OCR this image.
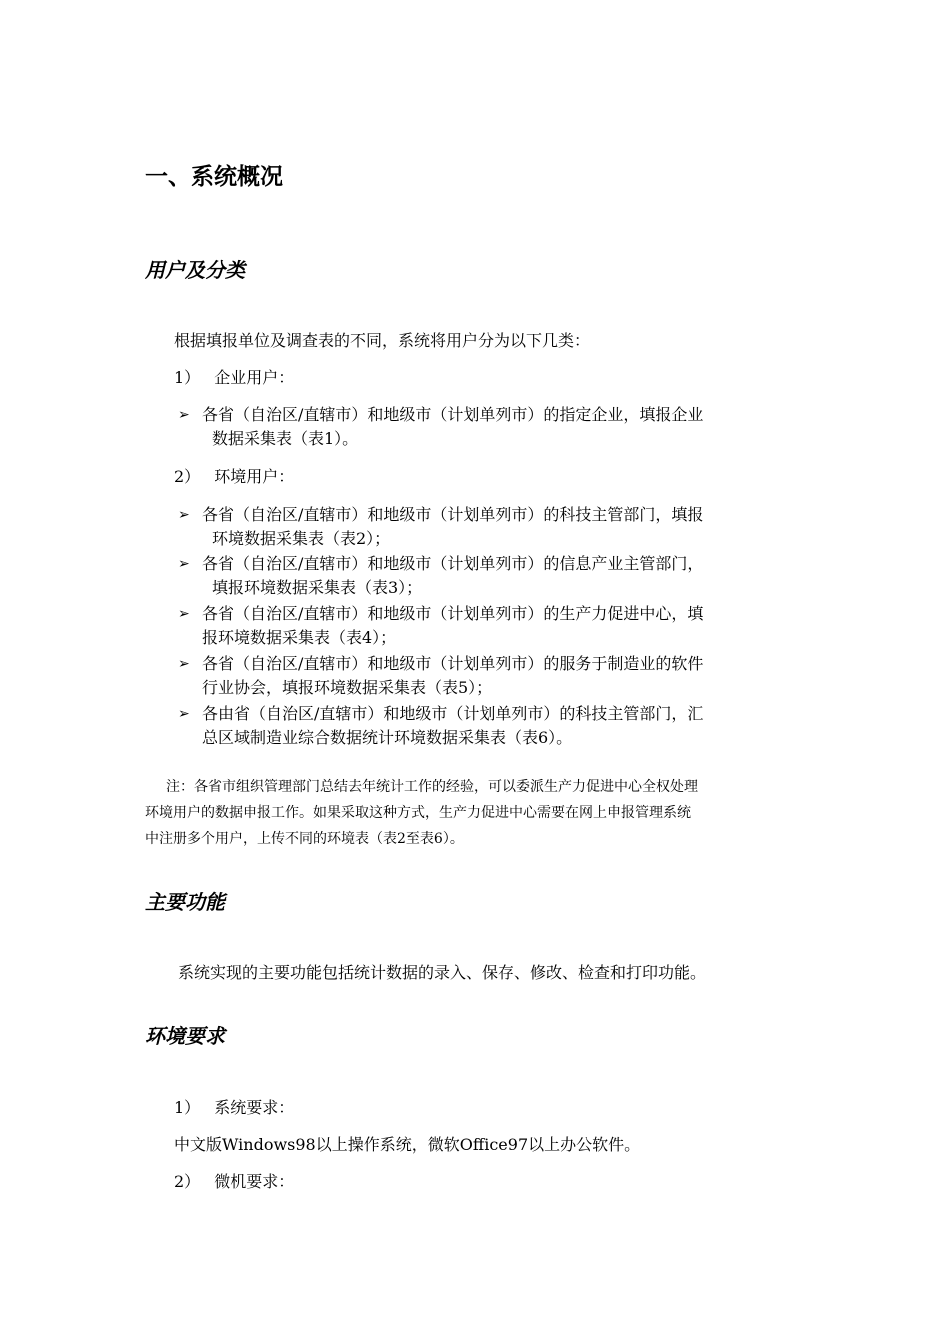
一、系统概况
用户及分类
根据填报单位及调查表的不同，系统将用户分为以下几类：
1） 企业用户：
➢ 各省（自治区/直辖市）和地级市（计划单列市）的指定企业，填报企业
数据采集表（表1）。
2） 环境用户：
➢ 各省（自治区/直辖市）和地级市（计划单列市）的科技主管部门，填报
环境数据采集表（表2）；
➢ 各省（自治区/直辖市）和地级市（计划单列市）的信息产业主管部门，
填报环境数据采集表（表3）；
➢ 各省（自治区/直辖市）和地级市（计划单列市）的生产力促进中心，填
报环境数据采集表（表4）；
➢ 各省（自治区/直辖市）和地级市（计划单列市）的服务于制造业的软件
行业协会，填报环境数据采集表（表5）；
➢ 各由省（自治区/直辖市）和地级市（计划单列市）的科技主管部门，汇
总区域制造业综合数据统计环境数据采集表（表6）。
注：各省市组织管理部门总结去年统计工作的经验，可以委派生产力促进中心全权处理
环境用户的数据申报工作。如果采取这种方式，生产力促进中心需要在网上申报管理系统
中注册多个用户，上传不同的环境表（表2至表6）。
主要功能
系统实现的主要功能包括统计数据的录入、保存、修改、检查和打印功能。
环境要求
1） 系统要求：
中文版Windows98以上操作系统，微软Office97以上办公软件。
2） 微机要求：
